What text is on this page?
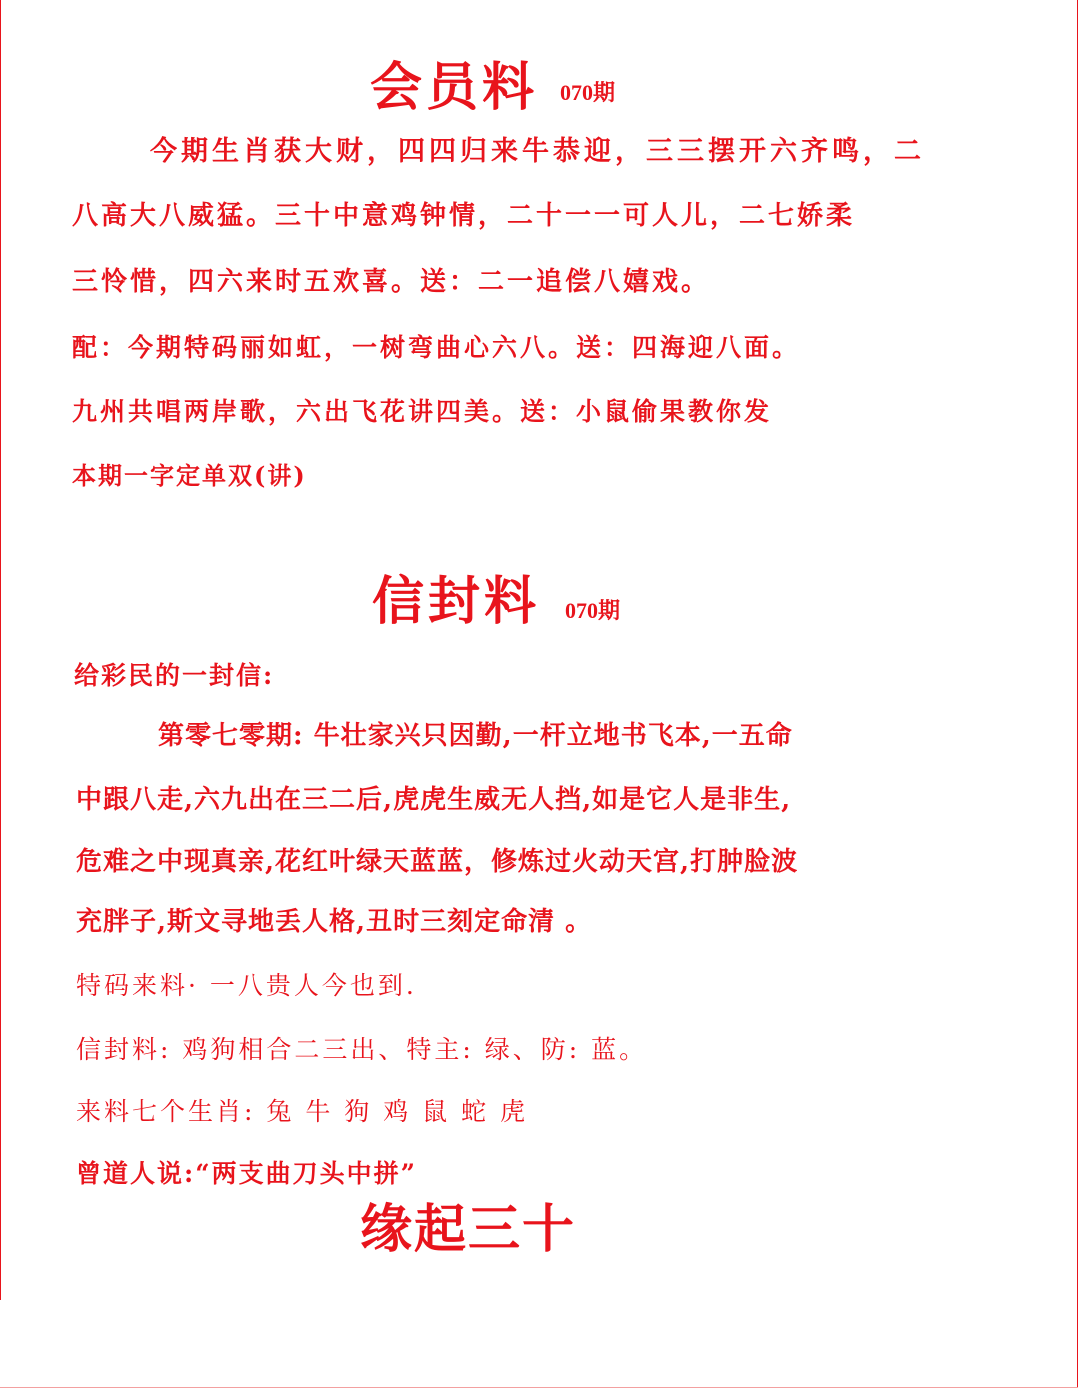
会员料 070期
今期生肖获大财，四四归来牛恭迎，三三摆开六齐鸣，二
八高大八威猛。三十中意鸡钟情，二十一一可人儿，二七娇柔
三怜惜，四六来时五欢喜。送：二一追偿八嬉戏。
配：今期特码丽如虹，一树弯曲心六八。送：四海迎八面。
九州共唱两岸歌，六出飞花讲四美。送：小鼠偷果教你发
本期一字定单双(讲)
信封料 070期
给彩民的一封信:
第零七零期: 牛壮家兴只因勤,一杆立地书飞本,一五命
中跟八走,六九出在三二后,虎虎生威无人挡,如是它人是非生,
危难之中现真亲,花红叶绿天蓝蓝，修炼过火动天宫,打肿脸波
充胖子,斯文寻地丢人格,丑时三刻定命清 。
特码来料· 一八贵人今也到.
信封料: 鸡狗相合二三出、特主: 绿、防: 蓝。
来料七个生肖: 兔 牛 狗 鸡 鼠 蛇 虎
曾道人说:“两支曲刀头中拼”
缘起三十
